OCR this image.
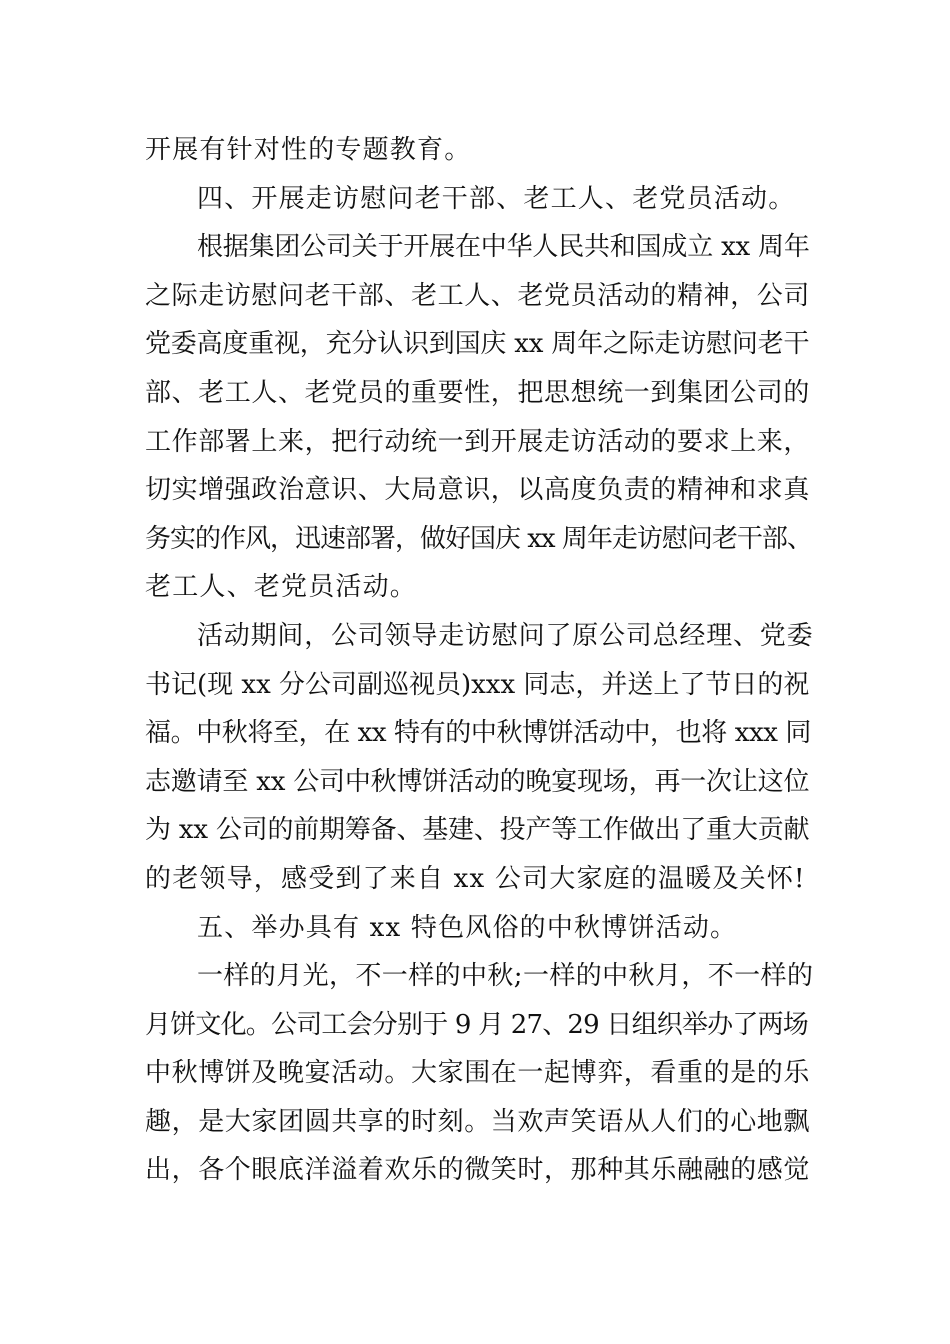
开展有针对性的专题教育。
四、开展走访慰问老干部、老工人、老党员活动。
根据集团公司关于开展在中华人民共和国成立 xx 周年
之际走访慰问老干部、老工人、老党员活动的精神，公司
党委高度重视，充分认识到国庆 xx 周年之际走访慰问老干
部、老工人、老党员的重要性，把思想统一到集团公司的
工作部署上来，把行动统一到开展走访活动的要求上来，
切实增强政治意识、大局意识，以高度负责的精神和求真
务实的作风，迅速部署，做好国庆 xx 周年走访慰问老干部、
老工人、老党员活动。
活动期间，公司领导走访慰问了原公司总经理、党委
书记(现 xx 分公司副巡视员)xxx 同志，并送上了节日的祝
福。中秋将至，在 xx 特有的中秋博饼活动中，也将 xxx 同
志邀请至 xx 公司中秋博饼活动的晚宴现场，再一次让这位
为 xx 公司的前期筹备、基建、投产等工作做出了重大贡献
的老领导，感受到了来自 xx 公司大家庭的温暖及关怀!
五、举办具有 xx 特色风俗的中秋博饼活动。
一样的月光，不一样的中秋;一样的中秋月，不一样的
月饼文化。公司工会分别于 9 月 27、29 日组织举办了两场
中秋博饼及晚宴活动。大家围在一起博弈，看重的是的乐
趣，是大家团圆共享的时刻。当欢声笑语从人们的心地飘
出，各个眼底洋溢着欢乐的微笑时，那种其乐融融的感觉
